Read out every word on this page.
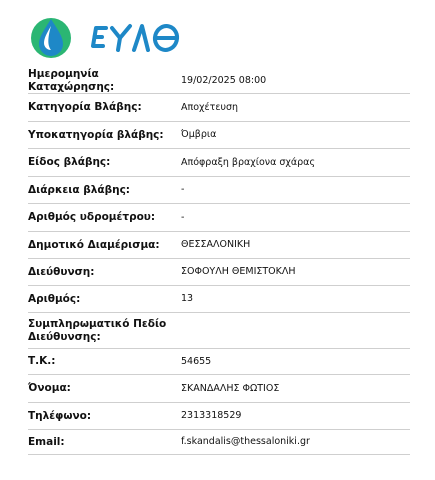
Ημερομηνία Καταχώρησης:
19/02/2025 08:00
Κατηγορία Βλάβης:	Αποχέτευση
Υποκατηγορία βλάβης:	Όμβρια
Είδος βλάβης:	Απόφραξη βραχίονα σχάρας
Διάρκεια βλάβης:	-
Αριθμός υδρομέτρου:	-
Δημοτικό Διαμέρισμα:	ΘΕΣΣΑΛΟΝΙΚΗ
Διεύθυνση:	ΣΟΦΟΥΛΗ ΘΕΜΙΣΤΟΚΛΗ
Αριθμός:	13
Συμπληρωματικό Πεδίο Διεύθυνσης:
Τ.Κ.:	54655
Όνομα:	ΣΚΑΝΔΑΛΗΣ ΦΩΤΙΟΣ
Τηλέφωνο:	2313318529
Email:	f.skandalis@thessaloniki.gr
